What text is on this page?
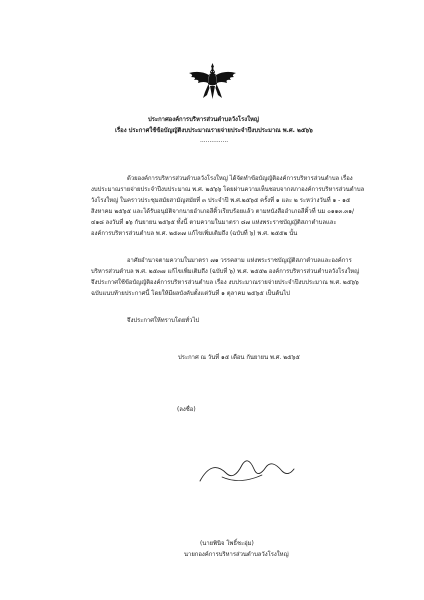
ประกาศองค์การบริหารส่วนตำบลวังโรงใหญ่

เรื่อง ประกาศใช้ข้อบัญญัติงบประมาณรายจ่ายประจำปีงบประมาณ พ.ศ. ๒๕๖๖

...............

ด้วยองค์การบริหารส่วนตำบลวังโรงใหญ่ ได้จัดทำข้อบัญญัติองค์การบริหารส่วนตำบล เรื่อง

งบประมาณรายจ่ายประจำปีงบประมาณ พ.ศ. ๒๕๖๖ โดยผ่านความเห็นชอบจากสภาองค์การบริหารส่วนตำบล

วังโรงใหญ่ ในคราวประชุมสมัยสามัญสมัยที่ ๓ ประจำปี พ.ศ.๒๕๖๕ ครั้งที่ ๑ และ ๒ ระหว่างวันที่ ๑ - ๑๕

สิงหาคม ๒๕๖๕ และได้รับอนุมัติจากนายอำเภอสีคิ้วเรียบร้อยแล้ว ตามหนังสืออำเภอสีคิ้วที่ นม ๐๑๑๓.๓๑/

๔๑๘ ลงวันที่ ๑๖ กันยายน ๒๕๖๕ ทั้งนี้ ตามความในมาตรา ๘๗ แห่งพระราชบัญญัติสภาตำบลและ

องค์การบริหารส่วนตำบล พ.ศ. ๒๕๓๗ แก้ไขเพิ่มเติมถึง (ฉบับที่ ๖) พ.ศ. ๒๕๕๒ นั้น

อาศัยอำนาจตามความในมาตรา ๗๑ วรรคสาม แห่งพระราชบัญญัติสภาตำบลและองค์การ

บริหารส่วนตำบล พ.ศ. ๒๕๓๗ แก้ไขเพิ่มเติมถึง (ฉบับที่ ๖) พ.ศ. ๒๕๕๒ องค์การบริหารส่วนตำบลวังโรงใหญ่

จึงประกาศใช้ข้อบัญญัติองค์การบริหารส่วนตำบล เรื่อง งบประมาณรายจ่ายประจำปีงบประมาณ พ.ศ. ๒๕๖๖

ฉบับแนบท้ายประกาศนี้ โดยให้มีผลบังคับตั้งแต่วันที่ ๑ ตุลาคม ๒๕๖๕ เป็นต้นไป

จึงประกาศให้ทราบโดยทั่วไป

ประกาศ ณ วันที่ ๑๕ เดือน กันยายน พ.ศ. ๒๕๖๕

(ลงชื่อ)

(นายพินิจ โพธิ์ชะอุ่ม)

นายกองค์การบริหารส่วนตำบลวังโรงใหญ่
